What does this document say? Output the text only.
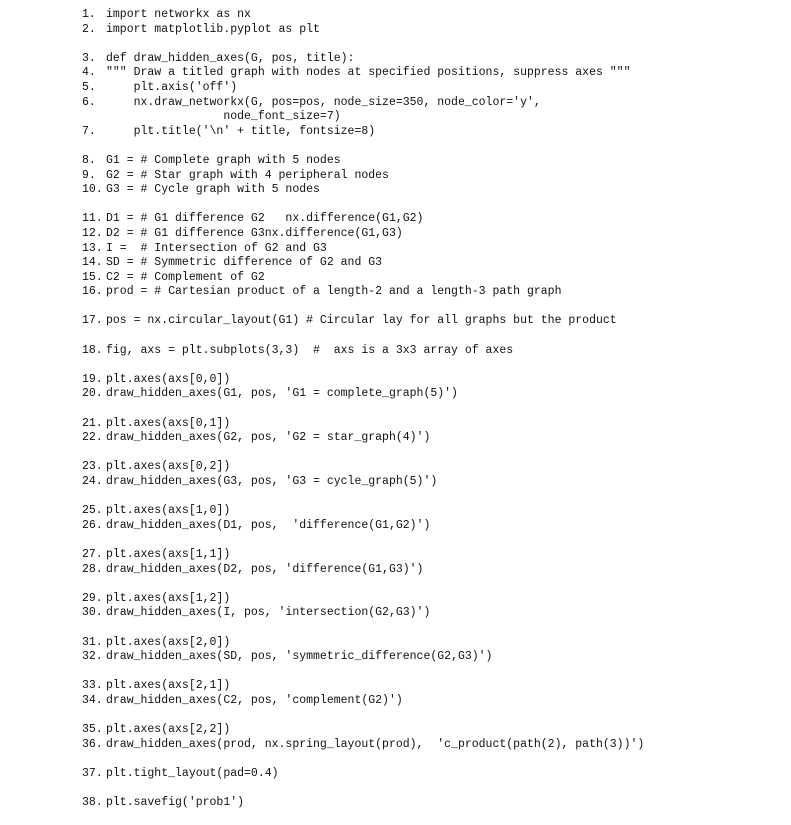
1. import networkx as nx
2. import matplotlib.pyplot as plt
3. def draw_hidden_axes(G, pos, title):
4. """ Draw a titled graph with nodes at specified positions, suppress axes """
5.    plt.axis('off')
6.    nx.draw_networkx(G, pos=pos, node_size=350, node_color='y',
node_font_size=7)
7.    plt.title('\n' + title, fontsize=8)
8. G1 = # Complete graph with 5 nodes
9. G2 = # Star graph with 4 peripheral nodes
10. G3 = # Cycle graph with 5 nodes
11. D1 = # G1 difference G2   nx.difference(G1,G2)
12. D2 = # G1 difference G3nx.difference(G1,G3)
13. I =  # Intersection of G2 and G3
14. SD = # Symmetric difference of G2 and G3
15. C2 = # Complement of G2
16. prod = # Cartesian product of a length-2 and a length-3 path graph
17. pos = nx.circular_layout(G1) # Circular lay for all graphs but the product
18. fig, axs = plt.subplots(3,3)  #  axs is a 3x3 array of axes
19. plt.axes(axs[0,0])
20. draw_hidden_axes(G1, pos, 'G1 = complete_graph(5)')
21. plt.axes(axs[0,1])
22. draw_hidden_axes(G2, pos, 'G2 = star_graph(4)')
23. plt.axes(axs[0,2])
24. draw_hidden_axes(G3, pos, 'G3 = cycle_graph(5)')
25. plt.axes(axs[1,0])
26. draw_hidden_axes(D1, pos,  'difference(G1,G2)')
27. plt.axes(axs[1,1])
28. draw_hidden_axes(D2, pos, 'difference(G1,G3)')
29. plt.axes(axs[1,2])
30. draw_hidden_axes(I, pos, 'intersection(G2,G3)')
31. plt.axes(axs[2,0])
32. draw_hidden_axes(SD, pos, 'symmetric_difference(G2,G3)')
33. plt.axes(axs[2,1])
34. draw_hidden_axes(C2, pos, 'complement(G2)')
35. plt.axes(axs[2,2])
36. draw_hidden_axes(prod, nx.spring_layout(prod),  'c_product(path(2), path(3))')
37. plt.tight_layout(pad=0.4)
38. plt.savefig('prob1')
